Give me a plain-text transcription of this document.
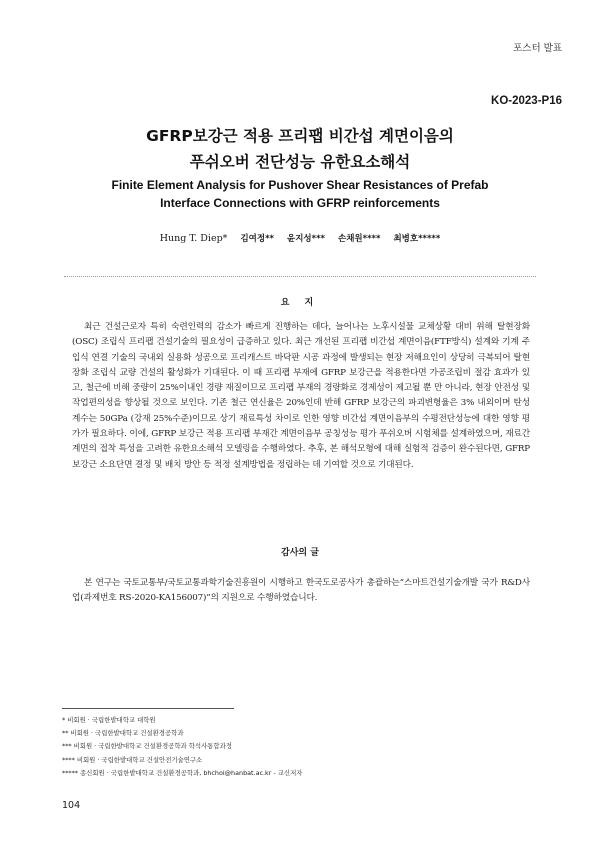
포스터 발표
KO-2023-P16
GFRP보강근 적용 프리팹 비간섭 계면이음의
푸쉬오버 전단성능 유한요소해석
Finite Element Analysis for Pushover Shear Resistances of Prefab
Interface Connections with GFRP reinforcements
Hung T. Diep* 김여정** 윤지성*** 손채원**** 최병호*****
요 지

최근 건설근로자 특히 숙련인력의 감소가 빠르게 진행하는 데다, 늘어나는 노후시설물 교체상황 대비 위해 탈현장화(OSC) 조립식 프리팹 건설기술의 필요성이 급증하고 있다. 최근 개선된 프리팹 비간섭 계면이음(FTF방식) 설계와 기계 주입식 연결 기술의 국내외 실용화 성공으로 프리캐스트 바닥판 시공 과정에 발생되는 현장 저해요인이 상당히 극복되어 탈현장화 조립식 교량 건설의 활성화가 기대된다. 이 때 프리팹 부재에 GFRP 보강근을 적용한다면 가공조립비 절감 효과가 있고, 철근에 비해 중량이 25%이내인 경량 재질이므로 프리팹 부재의 경량화로 경제성이 제고될 뿐 만 아니라, 현장 안전성 및 작업편의성을 향상될 것으로 보인다. 기존 철근 연신율은 20%인데 반해 GFRP 보강근의 파괴변형율은 3% 내외이며 탄성계수는 50GPa (강재 25%수준)이므로 상기 재료특성 차이로 인한 영향 비간섭 계면이음부의 수평전단성능에 대한 영향 평가가 필요하다. 이에, GFRP 보강근 적용 프리팹 부재간 계면이음부 공칭성능 평가 푸쉬오버 시험체를 설계하였으며, 재료간 계면의 접착 특성을 고려한 유한요소해석 모델링을 수행하였다. 추후, 본 해석모형에 대해 실험적 검증이 완수된다면, GFRP 보강근 소요단면 결정 및 배치 방안 등 적정 설계방법을 정립하는 데 기여할 것으로 기대된다.

감사의 글

본 연구는 국토교통부/국토교통과학기술진흥원이 시행하고 한국도로공사가 총괄하는“스마트건설기술개발 국가 R&D사업(과제번호 RS-2020-KA156007)”의 지원으로 수행하였습니다.

* 비회원 · 국립한밭대학교 대학원
** 비회원 · 국립한밭대학교 건설환경공학과
*** 비회원 · 국립한밭대학교 건설환경공학과 학석사통합과정
**** 비회원 · 국립한밭대학교 건설안전기술연구소
***** 종신회원 · 국립한밭대학교 건설환경공학과, bhchoi@hanbat.ac.kr - 교신저자
104
